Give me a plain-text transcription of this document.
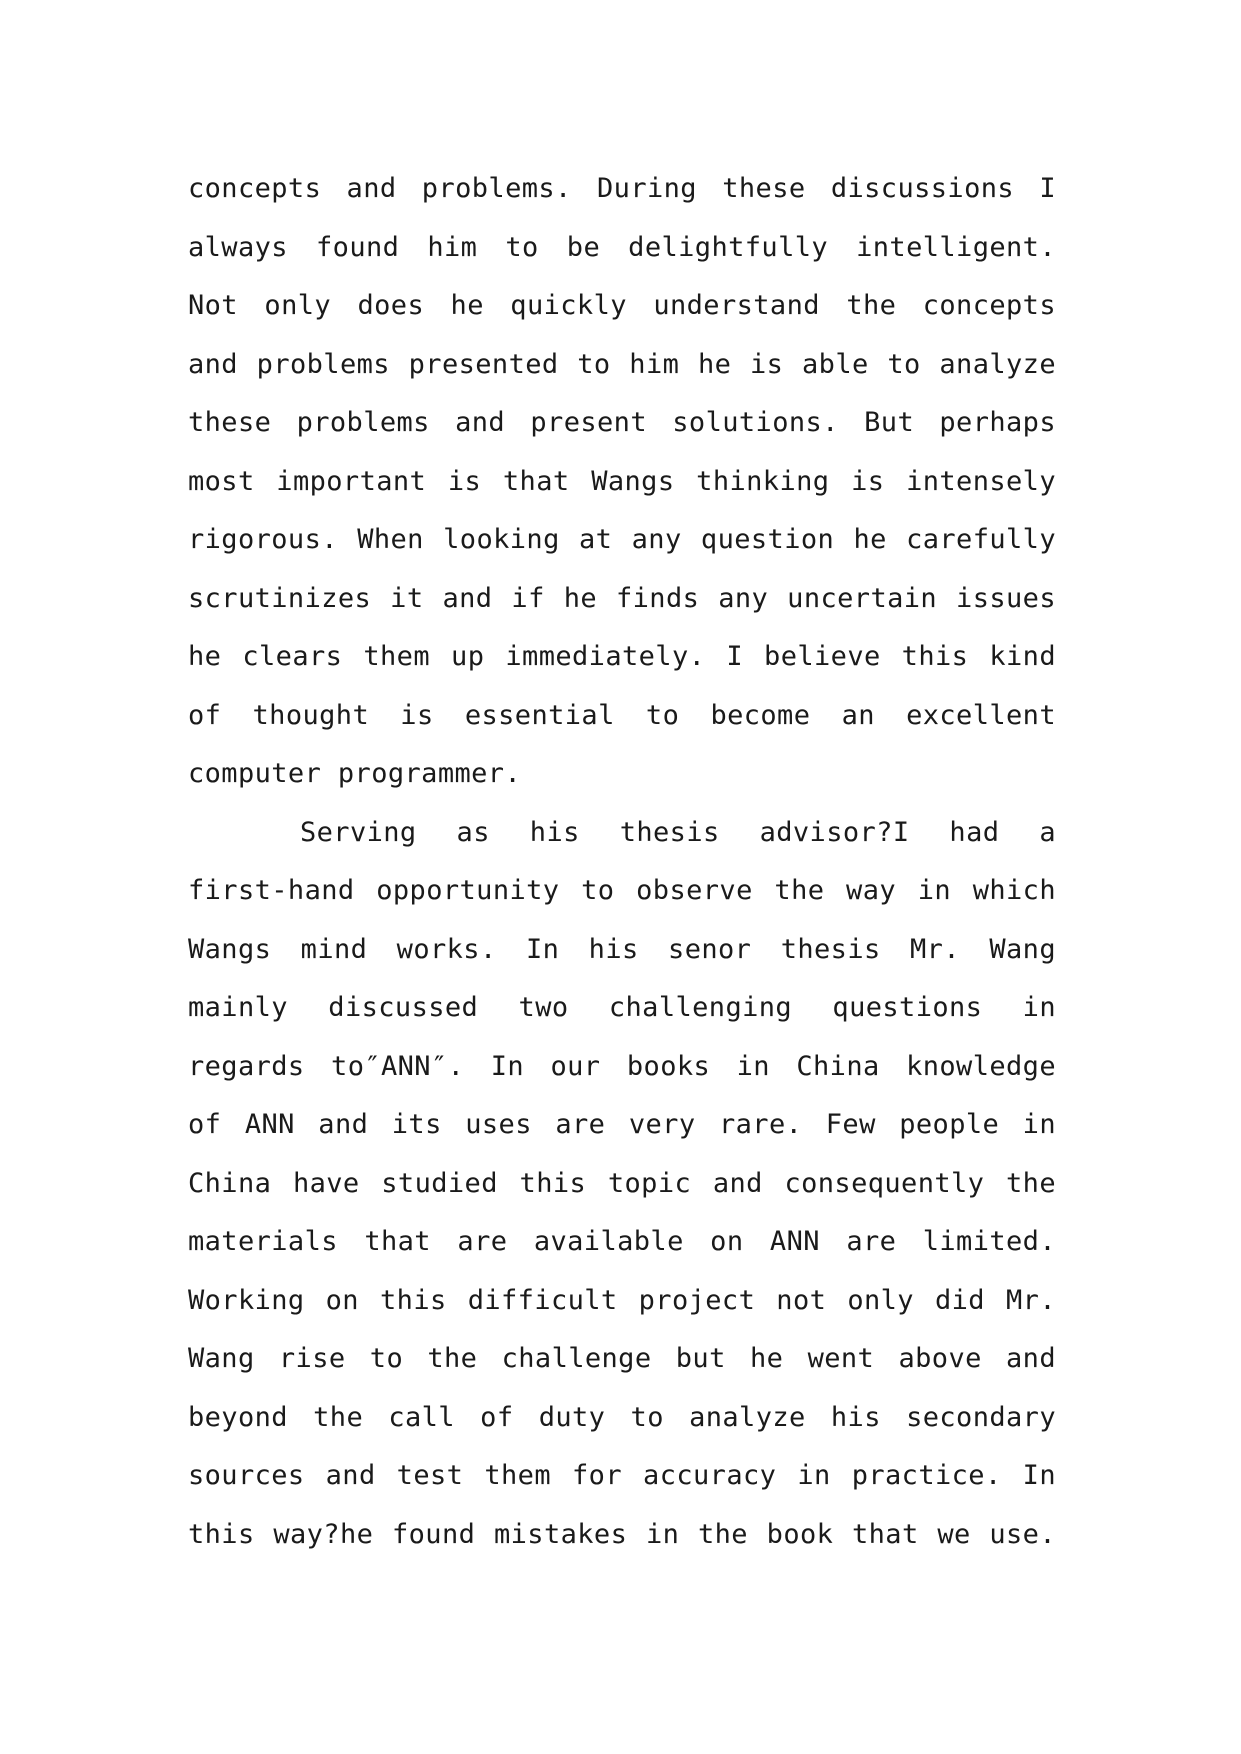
concepts and problems. During these discussions I
always found him to be delightfully intelligent.
Not only does he quickly understand the concepts
and problems presented to him he is able to analyze
these problems and present solutions. But perhaps
most important is that Wangs thinking is intensely
rigorous. When looking at any question he carefully
scrutinizes it and if he finds any uncertain issues
he clears them up immediately. I believe this kind
of thought is essential to become an excellent
computer programmer.
Serving as his thesis advisor?I had a
first-hand opportunity to observe the way in which
Wangs mind works. In his senor thesis Mr. Wang
mainly discussed two challenging questions in
regards to″ANN″. In our books in China knowledge
of ANN and its uses are very rare. Few people in
China have studied this topic and consequently the
materials that are available on ANN are limited.
Working on this difficult project not only did Mr.
Wang rise to the challenge but he went above and
beyond the call of duty to analyze his secondary
sources and test them for accuracy in practice. In
this way?he found mistakes in the book that we use.
